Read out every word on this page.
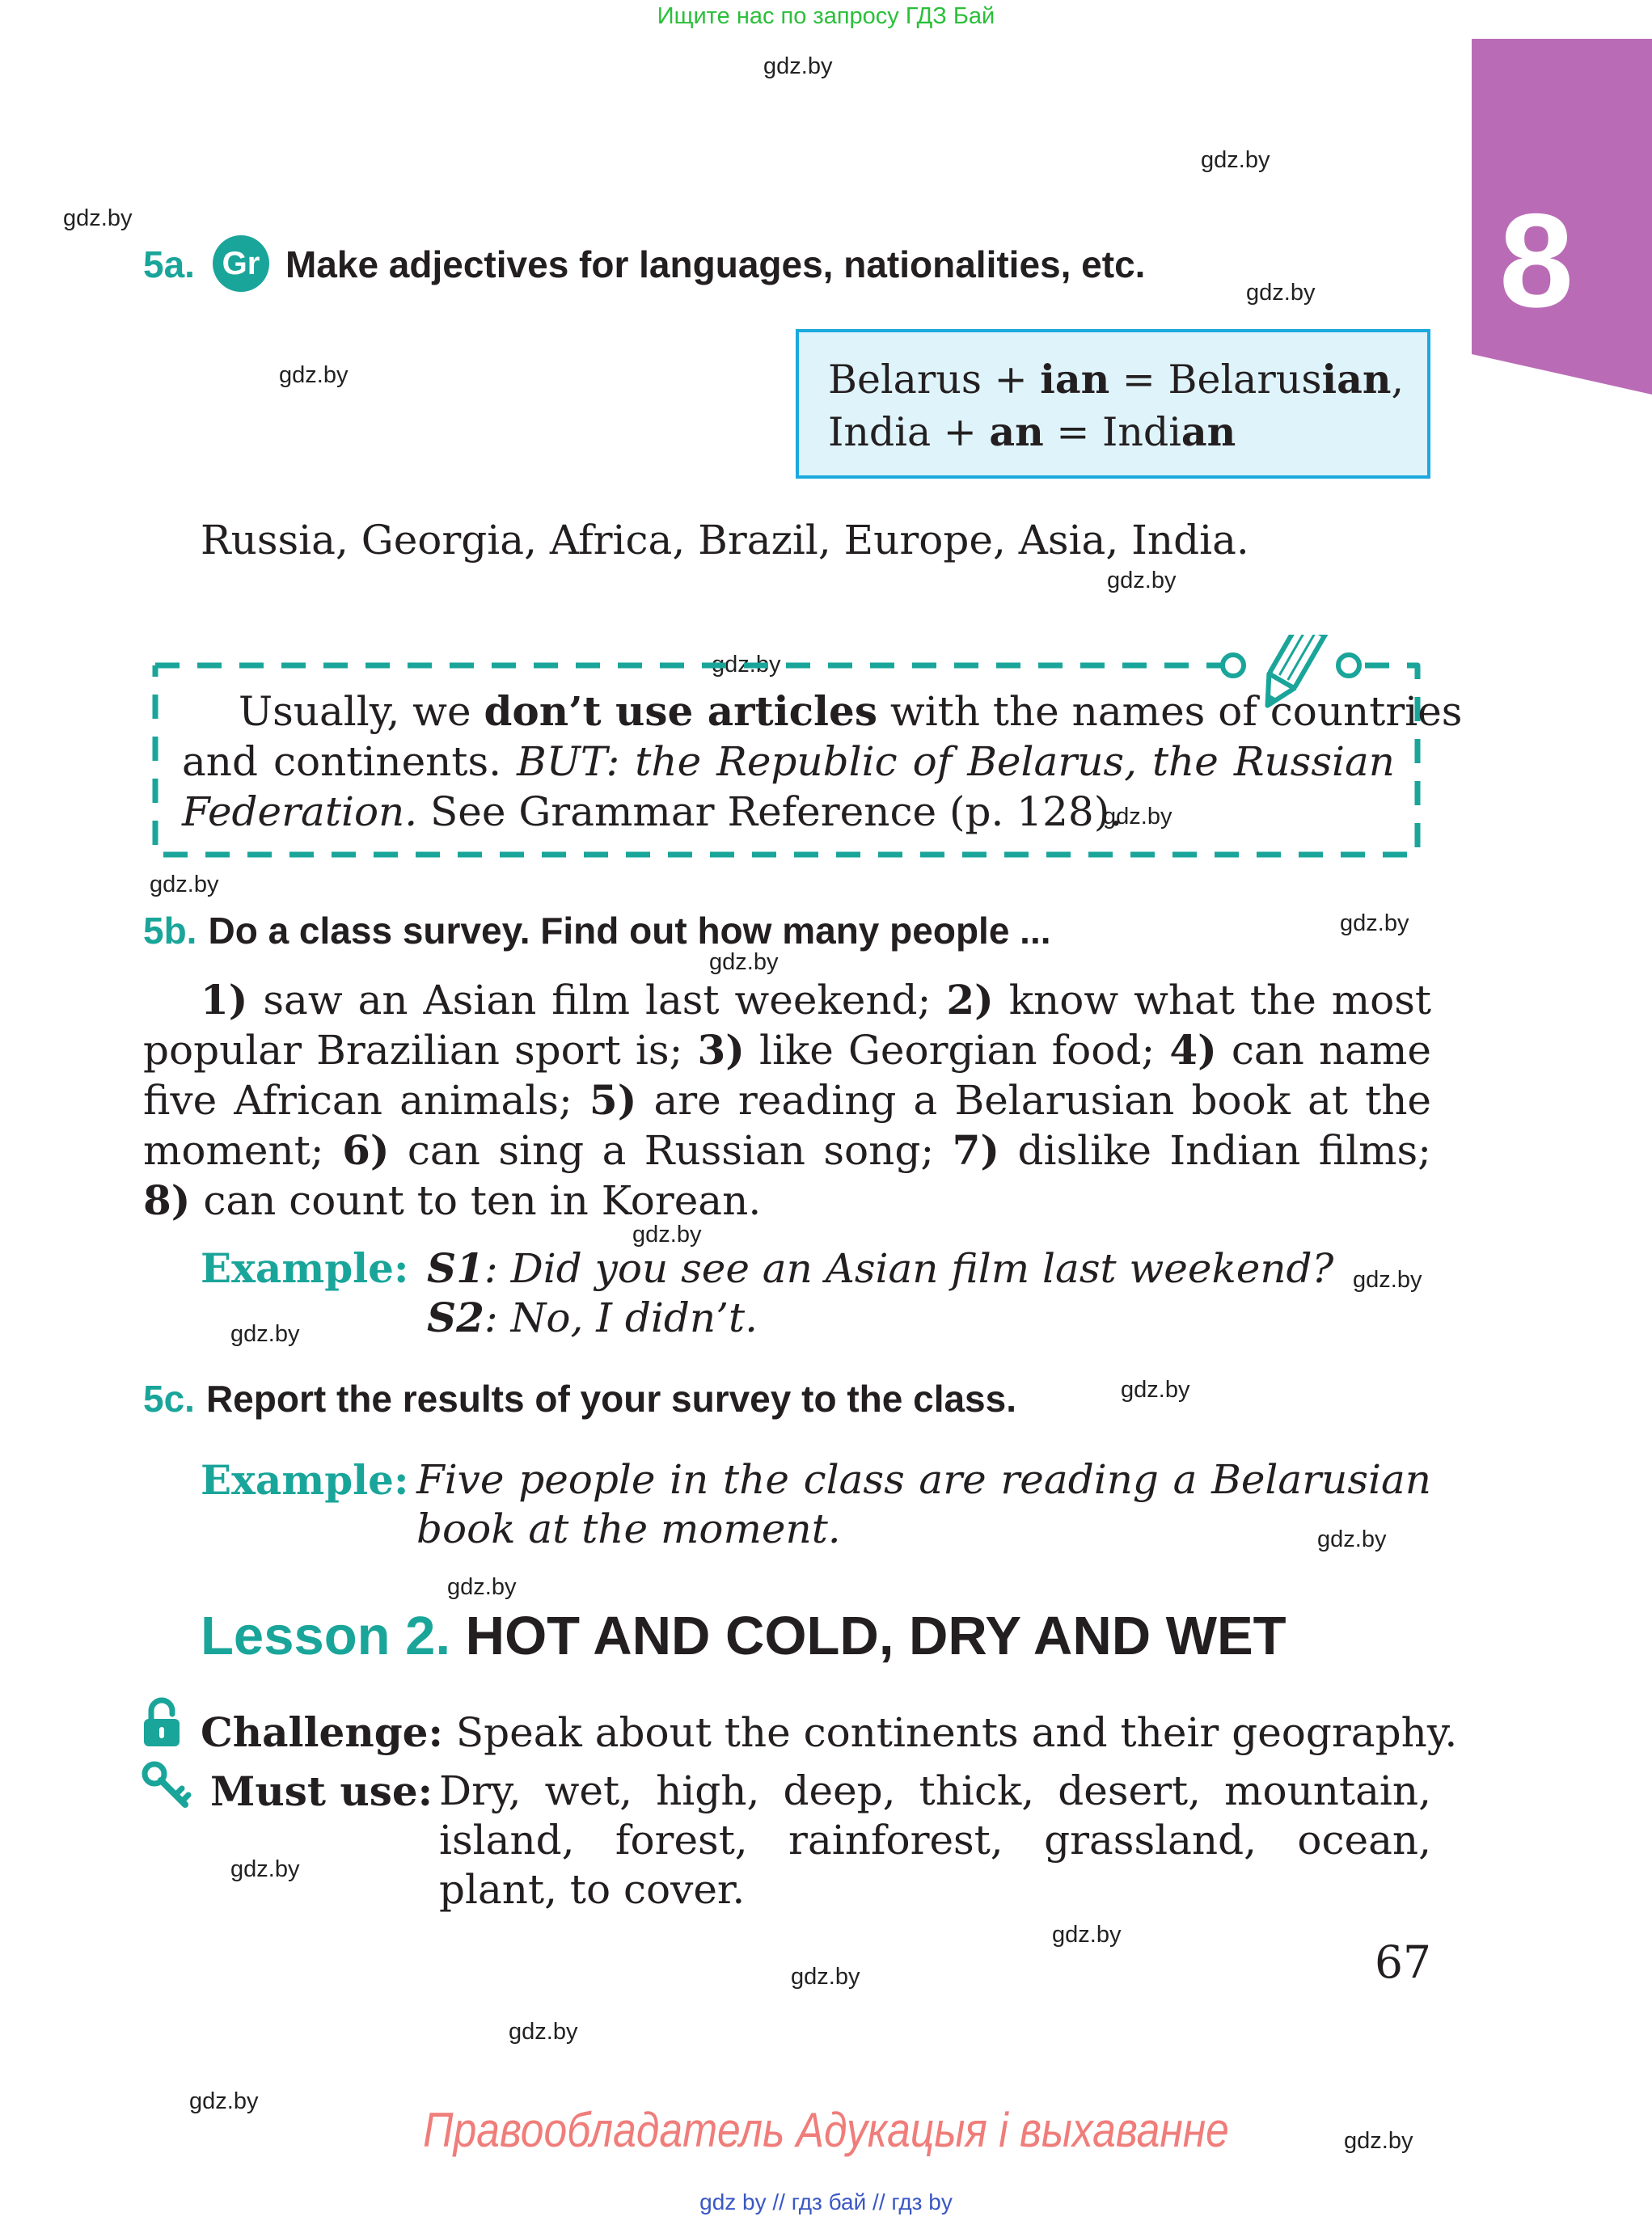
Ищите нас по запросу ГДЗ Бай
gdz.by
gdz.by
gdz.by
gdz.by
gdz.by
gdz.by
gdz.by
gdz.by
gdz.by
gdz.by
gdz.by
gdz.by
gdz.by
gdz.by
gdz.by
gdz.by
gdz.by
gdz.by
gdz.by
gdz.by
gdz.by
gdz.by
gdz.by
8
5a. Gr Make adjectives for languages, nationalities, etc.
Belarus + ian = Belarusian,
India + an = Indian
Russia, Georgia, Africa, Brazil, Europe, Asia, India.
Usually, we don’t use articles with the names of countries
and continents. BUT: the Republic of Belarus, the Russian
Federation. See Grammar Reference (p. 128).
5b. Do a class survey. Find out how many people ...
1) saw an Asian film last weekend; 2) know what the most popular Brazilian sport is; 3) like Georgian food; 4) can name five African animals; 5) are reading a Belarusian book at the moment; 6) can sing a Russian song; 7) dislike Indian films; 8) can count to ten in Korean.
Example: S1: Did you see an Asian film last weekend?
S2: No, I didn’t.
5c. Report the results of your survey to the class.
Example: Five people in the class are reading a Belarusian book at the moment.
Lesson 2. HOT AND COLD, DRY AND WET
Challenge: Speak about the continents and their geography.
Must use: Dry, wet, high, deep, thick, desert, mountain, island, forest, rainforest, grassland, ocean, plant, to cover.
67
Правообладатель Адукацыя і выхаванне
gdz by // гдз бай // гдз by
